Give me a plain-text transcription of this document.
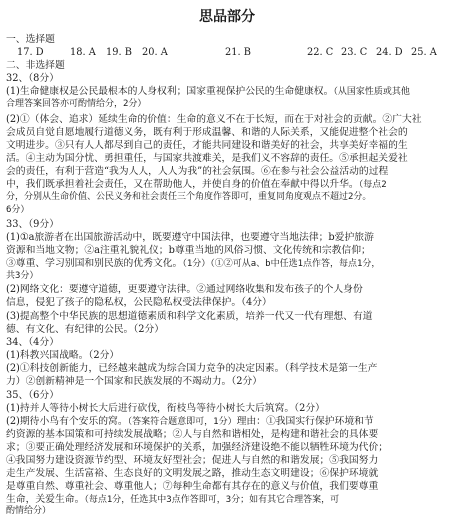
思品部分
一、选择题
17. D	18. A 19. B 20. A	21. B	22. C 23. C 24. D 25. A
二、非选择题
32、（8分）
(1)生命健康权是公民最根本的人身权利；国家重视保护公民的生命健康权。（从国家性质或其他
合理答案回答亦可酌情给分，2分）
(2)①（体会、追求）延续生命的价值：生命的意义不在于长短，而在于对社会的贡献。②广大社
会成员自觉自愿地履行道德义务，既有利于形成温馨、和谐的人际关系，又能促进整个社会的
文明进步。③只有人人都尽到自己的责任，才能共同建设和谐美好的社会，共享美好幸福的生
活。④主动为国分忧、勇担重任，与国家共渡难关，是我们义不容辞的责任。⑤承担起关爱社
会的责任，有利于营造“我为人人，人人为我”的社会氛围。⑥在参与社会公益活动的过程
中，我们既承担着社会责任，又在帮助他人，并使自身的价值在奉献中得以升华。（每点2
分，分别从生命价值、公民义务和社会责任三个角度作答即可，重复同角度观点不超过2分。
6分）
33、（9分）
(1)①a旅游者在出国旅游活动中，既要遵守中国法律，也要遵守当地法律；b爱护旅游
资源和当地文物；②a注重礼貌礼仪；b尊重当地的风俗习惯、文化传统和宗教信仰；
③尊重、学习别国和别民族的优秀文化。（1分）（①②可从a、b中任选1点作答，每点1分，
共3分）
(2)网络文化：要遵守道德，更要遵守法律。②通过网络收集和发布孩子的个人身份
信息，侵犯了孩子的隐私权，公民隐私权受法律保护。（4分）
(3)提高整个中华民族的思想道德素质和科学文化素质，培养一代又一代有理想、有道
德、有文化、有纪律的公民。（2分）
34、（4分）
(1)科教兴国战略。（2分）
(2)①科技创新能力，已经越来越成为综合国力竞争的决定因素。（科学技术是第一生产
力）②创新精神是一个国家和民族发展的不竭动力。（2分）
35、（6分）
(1)持并人等待小树长大后进行砍伐，衔枝鸟等待小树长大后筑窝。（2分）
(2)期待小鸟有个安乐的窝。（答案符合题意即可，1分）理由：①我国实行保护环境和节
约资源的基本国策和可持续发展战略；②人与自然和谐相处，是构建和谐社会的具体要
求；③要正确处理经济发展和环境保护的关系，加强经济建设绝不能以牺牲环境为代价；
④我国努力建设资源节约型、环境友好型社会；促进人与自然的和谐发展；⑤我国努力
走生产发展、生活富裕、生态良好的文明发展之路，推动生态文明建设；⑥保护环境就
是尊重自然、尊重社会、尊重他人；⑦每种生命都有其存在的意义与价值，我们要尊重
生命，关爱生命。（每点1分，任选其中3点作答即可，3分；如有其它合理答案，可
酌情给分）
